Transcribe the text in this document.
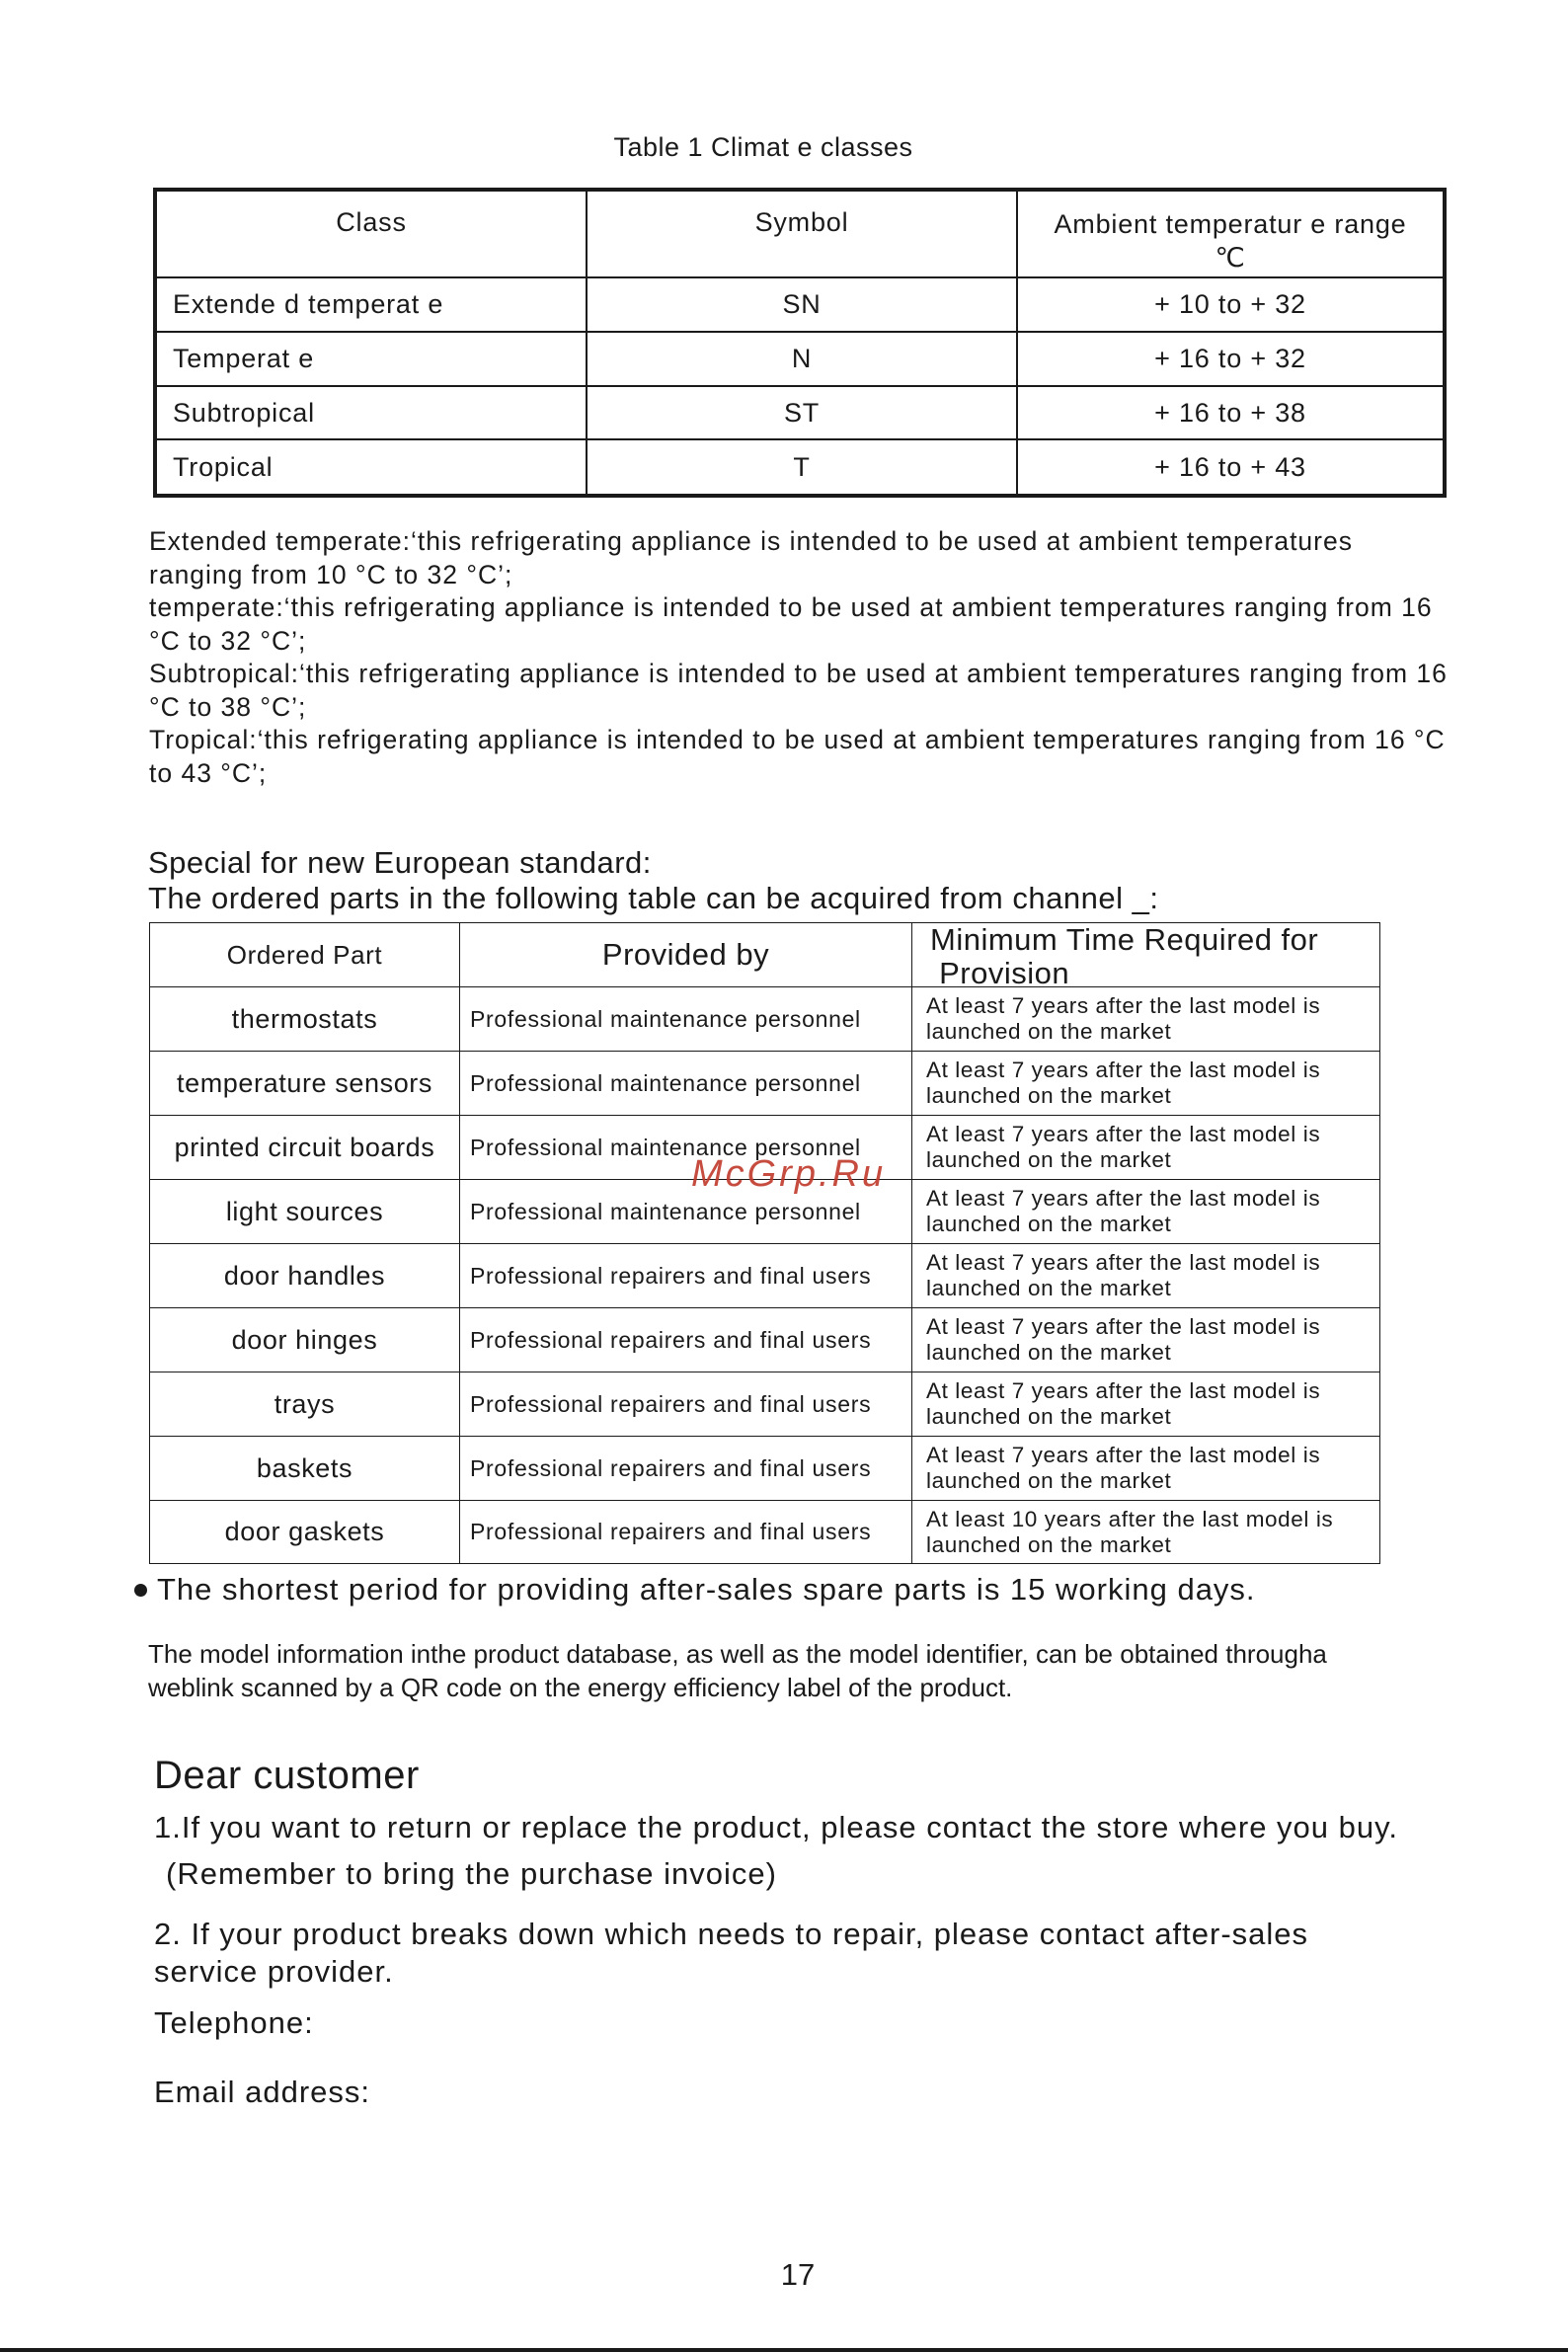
Table 1 Climat e classes
Class	Symbol	Ambient temperatur e range
℃
Extende d temperat e	SN	+ 10 to + 32
Temperat e	N	+ 16 to + 32
Subtropical	ST	+ 16 to + 38
Tropical	T	+ 16 to + 43

Extended temperate:‘this refrigerating appliance is intended to be used at ambient temperatures ranging from 10 °C to 32 °C’;

temperate:‘this refrigerating appliance is intended to be used at ambient temperatures ranging from 16 °C to 32 °C’;

Subtropical:‘this refrigerating appliance is intended to be used at ambient temperatures ranging from 16 °C to 38 °C’;

Tropical:‘this refrigerating appliance is intended to be used at ambient temperatures ranging from 16 °C to 43 °C’;

Special for new European standard:
The ordered parts in the following table can be acquired from channel _:
Ordered Part	Provided by	Minimum Time Required for
Provision
thermostats	Professional maintenance personnel	At least 7 years after the last model is
launched on the market
temperature sensors	Professional maintenance personnel	At least 7 years after the last model is
launched on the market
printed circuit boards	Professional maintenance personnel	At least 7 years after the last model is
launched on the market
light sources	Professional maintenance personnel	At least 7 years after the last model is
launched on the market
door handles	Professional repairers and final users	At least 7 years after the last model is
launched on the market
door hinges	Professional repairers and final users	At least 7 years after the last model is
launched on the market
trays	Professional repairers and final users	At least 7 years after the last model is
launched on the market
baskets	Professional repairers and final users	At least 7 years after the last model is
launched on the market
door gaskets	Professional repairers and final users	At least 10 years after the last model is
launched on the market
McGrp.Ru
The shortest period for providing after-sales spare parts is 15 working days.
The model information inthe product database, as well as the model identifier, can be obtained througha
weblink scanned by a QR code on the energy efficiency label of the product.
Dear customer
1.If you want to return or replace the product, please contact the store where you buy.
(Remember to bring the purchase invoice)
2. If your product breaks down which needs to repair, please contact after-sales
service provider.
Telephone:
Email address:
17
